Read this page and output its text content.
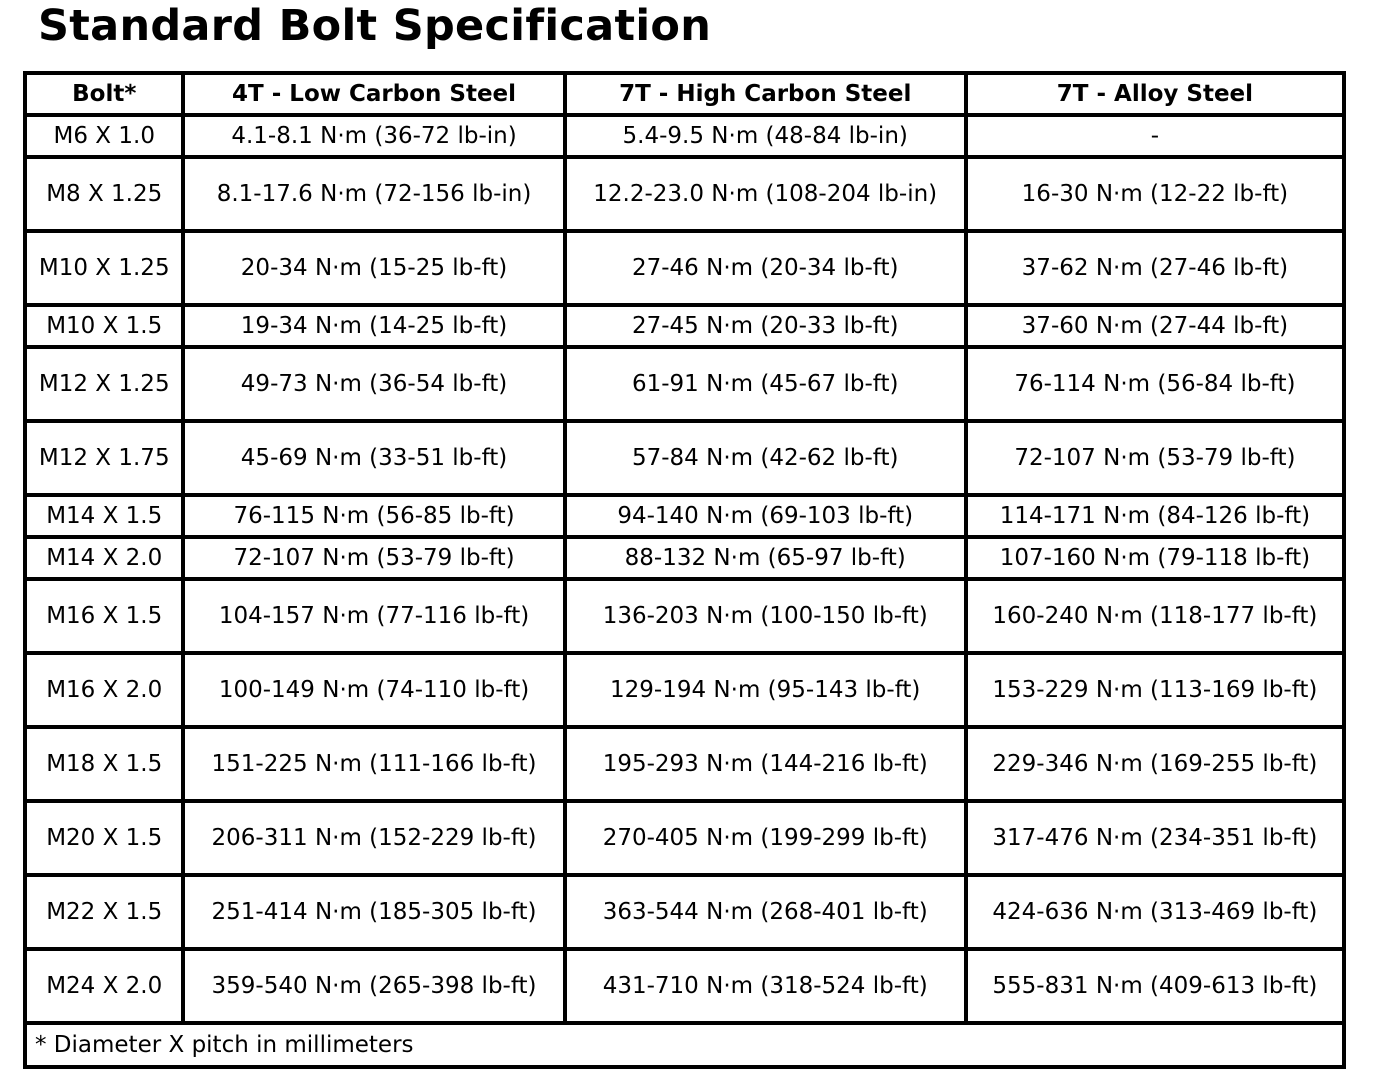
Standard Bolt Specification
Bolt*	4T - Low Carbon Steel	7T - High Carbon Steel	7T - Alloy Steel
M6 X 1.0	4.1-8.1 N·m (36-72 lb-in)	5.4-9.5 N·m (48-84 lb-in)	-
M8 X 1.25	8.1-17.6 N·m (72-156 lb-in)	12.2-23.0 N·m (108-204 lb-in)	16-30 N·m (12-22 lb-ft)
M10 X 1.25	20-34 N·m (15-25 lb-ft)	27-46 N·m (20-34 lb-ft)	37-62 N·m (27-46 lb-ft)
M10 X 1.5	19-34 N·m (14-25 lb-ft)	27-45 N·m (20-33 lb-ft)	37-60 N·m (27-44 lb-ft)
M12 X 1.25	49-73 N·m (36-54 lb-ft)	61-91 N·m (45-67 lb-ft)	76-114 N·m (56-84 lb-ft)
M12 X 1.75	45-69 N·m (33-51 lb-ft)	57-84 N·m (42-62 lb-ft)	72-107 N·m (53-79 lb-ft)
M14 X 1.5	76-115 N·m (56-85 lb-ft)	94-140 N·m (69-103 lb-ft)	114-171 N·m (84-126 lb-ft)
M14 X 2.0	72-107 N·m (53-79 lb-ft)	88-132 N·m (65-97 lb-ft)	107-160 N·m (79-118 lb-ft)
M16 X 1.5	104-157 N·m (77-116 lb-ft)	136-203 N·m (100-150 lb-ft)	160-240 N·m (118-177 lb-ft)
M16 X 2.0	100-149 N·m (74-110 lb-ft)	129-194 N·m (95-143 lb-ft)	153-229 N·m (113-169 lb-ft)
M18 X 1.5	151-225 N·m (111-166 lb-ft)	195-293 N·m (144-216 lb-ft)	229-346 N·m (169-255 lb-ft)
M20 X 1.5	206-311 N·m (152-229 lb-ft)	270-405 N·m (199-299 lb-ft)	317-476 N·m (234-351 lb-ft)
M22 X 1.5	251-414 N·m (185-305 lb-ft)	363-544 N·m (268-401 lb-ft)	424-636 N·m (313-469 lb-ft)
M24 X 2.0	359-540 N·m (265-398 lb-ft)	431-710 N·m (318-524 lb-ft)	555-831 N·m (409-613 lb-ft)
* Diameter X pitch in millimeters			
